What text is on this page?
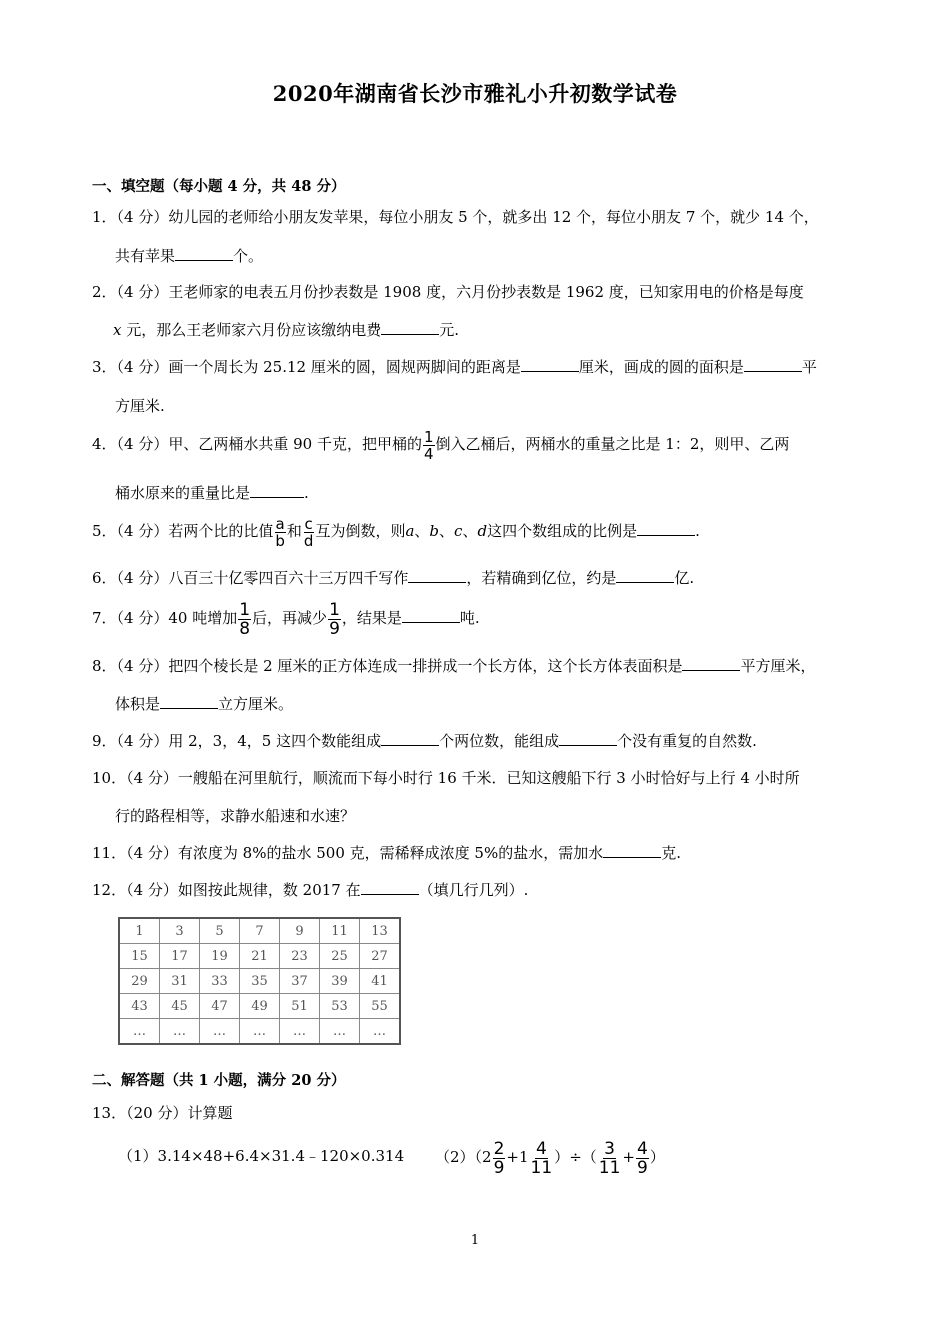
2020年湖南省长沙市雅礼小升初数学试卷
一、填空题（每小题 4 分，共 48 分）
1．（4 分）幼儿园的老师给小朋友发苹果，每位小朋友 5 个，就多出 12 个，每位小朋友 7 个，就少 14 个，
共有苹果	个。
2．（4 分）王老师家的电表五月份抄表数是 1908 度，六月份抄表数是 1962 度，已知家用电的价格是每度
x 元，那么王老师家六月份应该缴纳电费	元.
3．（4 分）画一个周长为 25.12 厘米的圆，圆规两脚间的距离是	厘米，画成的圆的面积是	平
方厘米.
4．（4 分）甲、乙两桶水共重 90 千克，把甲桶的 $\frac{1}{4}$ 倒入乙桶后，两桶水的重量之比是 1：2，则甲、乙两
桶水原来的重量比是	.
5．（4 分）若两个比的比值 $\frac{a}{b}$ 和 $\frac{c}{d}$ 互为倒数，则a、b、c、d这四个数组成的比例是	.
6．（4 分）八百三十亿零四百六十三万四千写作	，若精确到亿位，约是	亿.
7．（4 分）40 吨增加 $\frac{1}{8}$ 后，再减少 $\frac{1}{9}$ ，结果是	吨.
8．（4 分）把四个棱长是 2 厘米的正方体连成一排拼成一个长方体，这个长方体表面积是	平方厘米，
体积是	立方厘米。
9．（4 分）用 2，3，4，5 这四个数能组成	个两位数，能组成	个没有重复的自然数.
10．（4 分）一艘船在河里航行，顺流而下每小时行 16 千米．已知这艘船下行 3 小时恰好与上行 4 小时所
行的路程相等，求静水船速和水速？
11．（4 分）有浓度为 8%的盐水 500 克，需稀释成浓度 5%的盐水，需加水	克.
12．（4 分）如图按此规律，数 2017 在	（填几行几列）.
1	3	5	7	9	11	13
15	17	19	21	23	25	27
29	31	33	35	37	39	41
43	45	47	49	51	53	55
…	…	…	…	…	…	…
二、解答题（共 1 小题，满分 20 分）
13．（20 分）计算题
（1）3.14×48+6.4×31.4﹣120×0.314 $(2)(2 \frac{2}{9} +1 \frac{4}{11}$ ）÷（ $\frac{3}{11} + \frac{4}{9}$ ）
1
